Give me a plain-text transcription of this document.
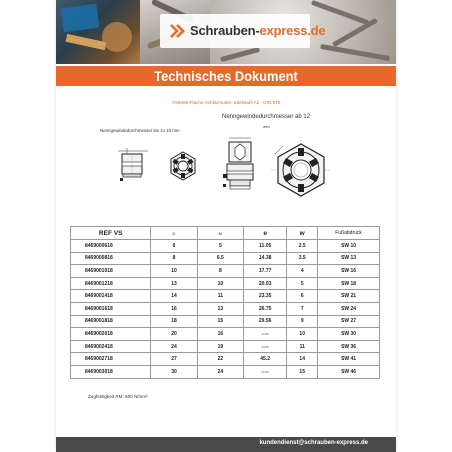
Schrauben-express.de
Technisches Dokument
VS8469-Flache Schlitzmutter, Edelstahl A2 - DIN 979
Nenngewindedurchmesser bis zu 10 mm
Nenngewindedurchmesser ab 12
mm
REF VS	D	M	e	w	Fußabdruck
8469000618	6	5	11.05	2.5	SW 10
8469000818	8	6.5	14.38	3.5	SW 13
8469001018	10	8	17.77	4	SW 16
8469001218	13	10	20.03	5	SW 18
8469001418	14	11	23.35	6	SW 21
8469001618	16	13	26.75	7	SW 24
8469001818	18	15	29.56	9	SW 27
8469002018	20	16	32.95	10	SW 30
8469002418	24	19	39.55	11	SW 36
8469002718	27	22	45.2	14	SW 41
8469003018	30	24	50.85	15	SW 46
Zugfestigkeit RM: 500 N/mm²
kundendienst@schrauben-express.de
